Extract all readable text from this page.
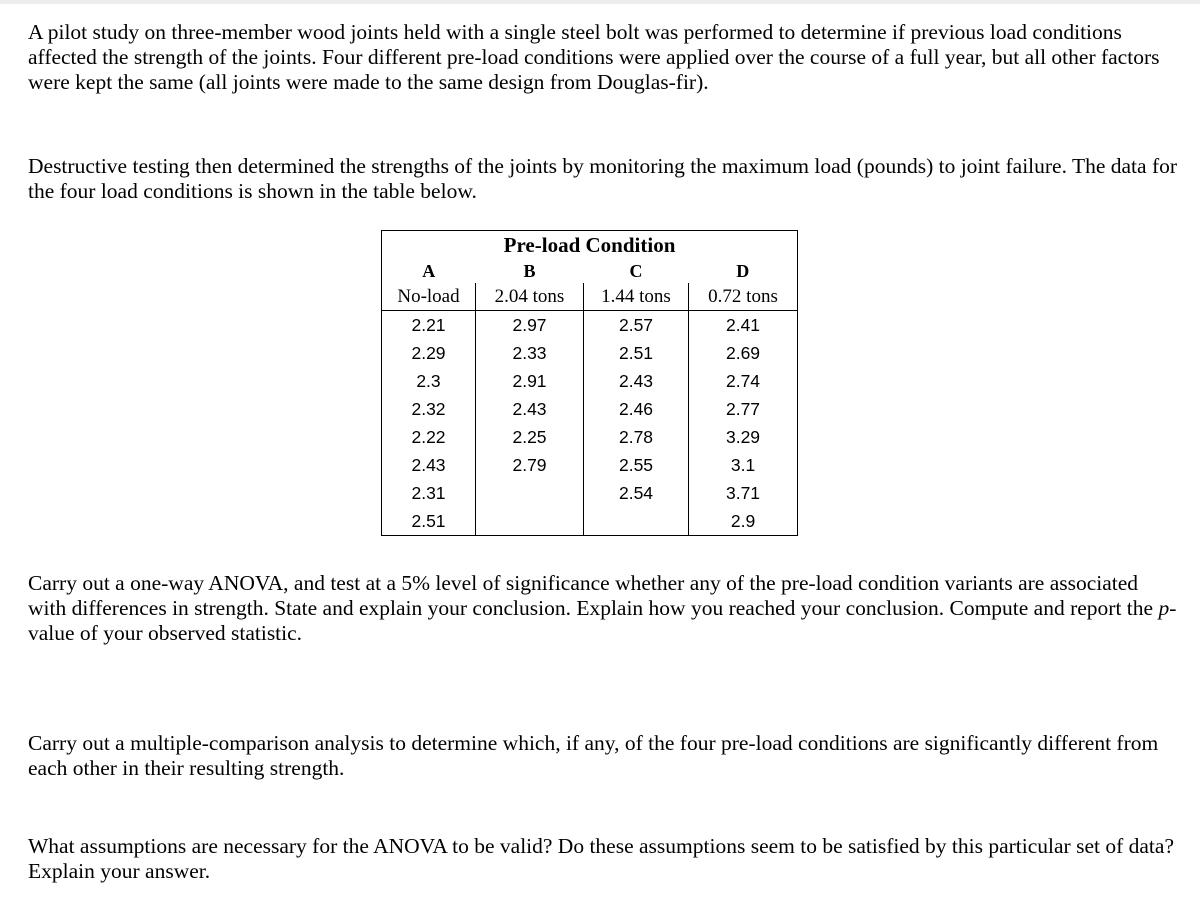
A pilot study on three-member wood joints held with a single steel bolt was performed to determine if previous load conditions affected the strength of the joints. Four different pre-load conditions were applied over the course of a full year, but all other factors were kept the same (all joints were made to the same design from Douglas-fir).

Destructive testing then determined the strengths of the joints by monitoring the maximum load (pounds) to joint failure. The data for the four load conditions is shown in the table below.

Pre-load Condition			
A	B	C	D
No-load	2.04 tons	1.44 tons	0.72 tons
2.21	2.97	2.57	2.41
2.29	2.33	2.51	2.69
2.3	2.91	2.43	2.74
2.32	2.43	2.46	2.77
2.22	2.25	2.78	3.29
2.43	2.79	2.55	3.1
2.31		2.54	3.71
2.51			2.9

Carry out a one-way ANOVA, and test at a 5% level of significance whether any of the pre-load condition variants are associated with differences in strength. State and explain your conclusion. Explain how you reached your conclusion. Compute and report the p-value of your observed statistic.

Carry out a multiple-comparison analysis to determine which, if any, of the four pre-load conditions are significantly different from each other in their resulting strength.

What assumptions are necessary for the ANOVA to be valid? Do these assumptions seem to be satisfied by this particular set of data? Explain your answer.
